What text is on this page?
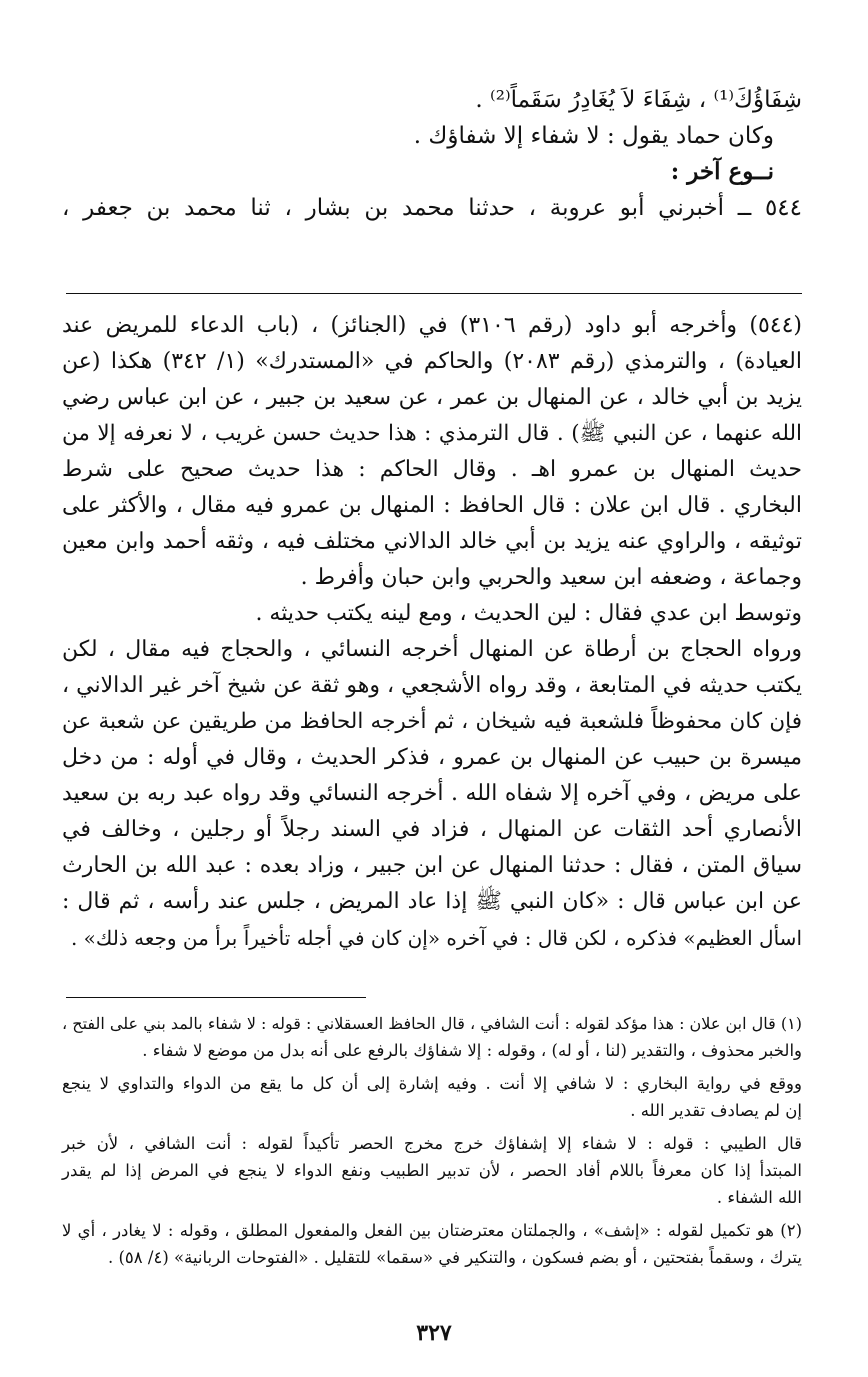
شِفَاؤُكَ⁽¹⁾ ، شِفَاءَ لاَ يُغَادِرُ سَقَماً⁽²⁾ .
وكان حماد يقول : لا شفاء إلا شفاؤك .
نــوع آخر :
٥٤٤ ــ أخبرني أبو عروبة ، حدثنا محمد بن بشار ، ثنا محمد بن جعفر ،
(٥٤٤) وأخرجه أبو داود (رقم ٣١٠٦) في (الجنائز) ، (باب الدعاء للمريض عند
العيادة) ، والترمذي (رقم ٢٠٨٣) والحاكم في «المستدرك» (١/ ٣٤٢) هكذا (عن
يزيد بن أبي خالد ، عن المنهال بن عمر ، عن سعيد بن جبير ، عن ابن عباس رضي
الله عنهما ، عن النبي ﷺ) . قال الترمذي : هذا حديث حسن غريب ، لا نعرفه إلا من
حديث المنهال بن عمرو اهـ . وقال الحاكم : هذا حديث صحيح على شرط
البخاري . قال ابن علان : قال الحافظ : المنهال بن عمرو فيه مقال ، والأكثر على
توثيقه ، والراوي عنه يزيد بن أبي خالد الدالاني مختلف فيه ، وثقه أحمد وابن معين
وجماعة ، وضعفه ابن سعيد والحربي وابن حبان وأفرط .
وتوسط ابن عدي فقال : لين الحديث ، ومع لينه يكتب حديثه .
ورواه الحجاج بن أرطاة عن المنهال أخرجه النسائي ، والحجاج فيه مقال ، لكن
يكتب حديثه في المتابعة ، وقد رواه الأشجعي ، وهو ثقة عن شيخ آخر غير الدالاني ،
فإن كان محفوظاً فلشعبة فيه شيخان ، ثم أخرجه الحافظ من طريقين عن شعبة عن
ميسرة بن حبيب عن المنهال بن عمرو ، فذكر الحديث ، وقال في أوله : من دخل
على مريض ، وفي آخره إلا شفاه الله . أخرجه النسائي وقد رواه عبد ربه بن سعيد
الأنصاري أحد الثقات عن المنهال ، فزاد في السند رجلاً أو رجلين ، وخالف في
سياق المتن ، فقال : حدثنا المنهال عن ابن جبير ، وزاد بعده : عبد الله بن الحارث
عن ابن عباس قال : «كان النبي ﷺ إذا عاد المريض ، جلس عند رأسه ، ثم قال :
اسأل العظيم» فذكره ، لكن قال : في آخره «إن كان في أجله تأخيراً برأ من وجعه ذلك» .
(١) قال ابن علان : هذا مؤكد لقوله : أنت الشافي ، قال الحافظ العسقلاني : قوله : لا شفاء بالمد بني على الفتح ،
والخبر محذوف ، والتقدير (لنا ، أو له) ، وقوله : إلا شفاؤك بالرفع على أنه بدل من موضع لا شفاء .
ووقع في رواية البخاري : لا شافي إلا أنت . وفيه إشارة إلى أن كل ما يقع من الدواء والتداوي لا ينجع
إن لم يصادف تقدير الله .
قال الطيبي : قوله : لا شفاء إلا إشفاؤك خرج مخرج الحصر تأكيداً لقوله : أنت الشافي ، لأن خبر
المبتدأ إذا كان معرفاً باللام أفاد الحصر ، لأن تدبير الطبيب ونفع الدواء لا ينجع في المرض إذا لم يقدر
الله الشفاء .
(٢) هو تكميل لقوله : «إشف» ، والجملتان معترضتان بين الفعل والمفعول المطلق ، وقوله : لا يغادر ، أي لا
يترك ، وسقماً بفتحتين ، أو بضم فسكون ، والتنكير في «سقما» للتقليل . «الفتوحات الربانية» (٤/ ٥٨) .
٣٢٧
